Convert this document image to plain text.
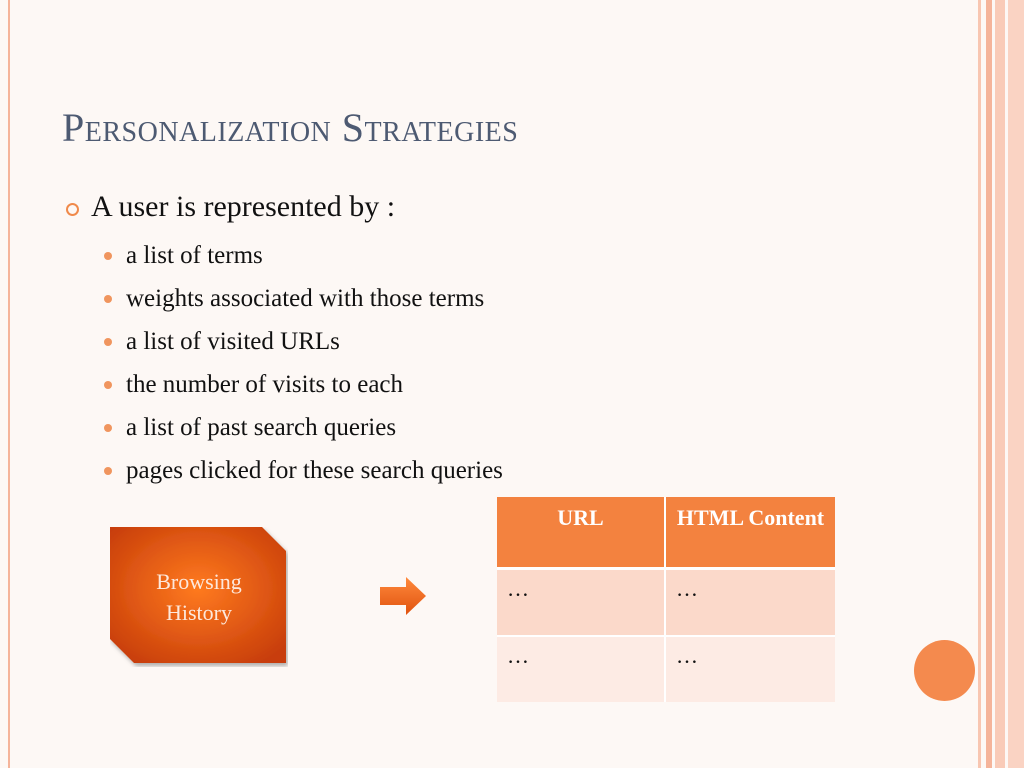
Personalization Strategies
A user is represented by :
a list of terms
weights associated with those terms
a list of visited URLs
the number of visits to each
a list of past search queries
pages clicked for these search queries
Browsing
History
URL	HTML Content
…	…
…	…
